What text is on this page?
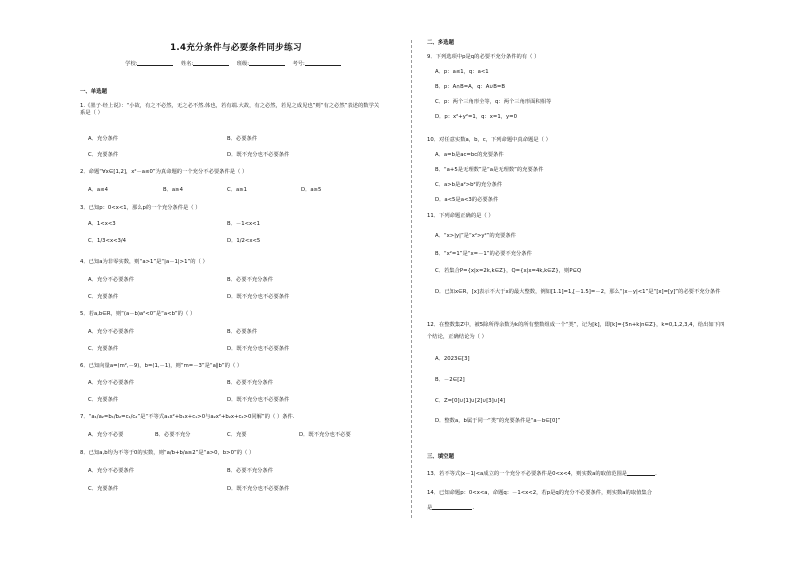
1.4充分条件与必要条件同步练习
学校:	姓名:	班级:	考号:
一、单选题
1.《墨子·经上说》：“小故，有之不必然，无之必不然.体也，若有端.大故，有之必然，若见之成见也”则“有之必然”表述的数学关系是（ ）
A．充分条件	B．必要条件
C．充要条件	D．既不充分也不必要条件
2．命题“∀x∈[1,2]，x²－a≤0”为真命题的一个充分不必要条件是（ ）
A．a≤4	B．a≥4	C．a≥1	D．a≥5
3．已知p：0<x<1，那么p的一个充分条件是（ ）
A．1<x<3	B．－1<x<1
C．1/3<x<3/4	D．1/2<x<5
4．已知a为非零实数，则“a>1”是“|a－1|>1”的（ ）
A．充分不必要条件	B．必要不充分条件
C．充要条件	D．既不充分也不必要条件
5．若a,b∈R，则“(a－b)a²<0”是“a<b”的（ ）
A．充分不必要条件	B．必要条件
C．充要条件	D．既不充分也不必要条件
6．已知向量a=(m²,－9)，b=(1,－1)，则“m=－3”是“a∥b”的（ ）
A．充分不必要条件	B．必要不充分条件
C．充要条件	D．既不充分也不必要条件
7．“a₁/a₂=b₁/b₂=c₁/c₂”是“不等式a₁x²+b₁x+c₁>0与a₂x²+b₂x+c₂>0同解”的（ ）条件.
A．充分不必要	B．必要不充分	C．充要	D．既不充分也不必要
8．已知a,b均为不等于0的实数，则“a/b+b/a≥2”是“a>0，b>0”的（ ）
A．充分不必要条件	B．必要不充分条件
C．充要条件	D．既不充分也不必要条件
二、多选题
9．下列选项中p是q的必要不充分条件的有（ ）
A．p：a≤1，q：a<1
B．p：A∩B=A，q：A∪B=B
C．p：两个三角形全等，q：两个三角形面积相等
D．p：x²+y²=1，q：x=1，y=0
10．对任意实数a，b，c，下列命题中真命题是（ ）
A．a=b是ac=bc的充要条件
B．“a+5是无理数”是“a是无理数”的充要条件
C．a>b是a²>b²的充分条件
D．a<5是a<3的必要条件
11．下列命题正确的是（ ）
A．“x>|y|”是“x²>y²”的充要条件
B．“x²=1”是“x=－1”的必要不充分条件
C．若集合P={x|x=2k,k∈Z}，Q={x|x=4k,k∈Z}，则P⊆Q
D．已知x∈R，[x]表示不大于x的最大整数，例如[1.1]=1,[－1.5]=－2，那么“|x－y|<1”是“[x]=[y]”的必要不充分条件
12．在整数集Z中，被5除所得余数为k的所有整数组成一个“类”，记为[k]，即[k]={5n+k|n∈Z}，k=0,1,2,3,4，给出如下四个结论，正确结论为（ ）
A．2023∈[3]
B．－2∈[2]
C．Z=[0]∪[1]∪[2]∪[3]∪[4]
D．整数a，b属于同一“类”的充要条件是“a－b∈[0]”
三、填空题
13．若不等式|x－1|<a成立的一个充分不必要条件是0<x<4，则实数a的取值范围是	.
14．已知命题p：0<x<a，命题q：－1<x<2，若p是q的充分不必要条件，则实数a的取值集合
是	.
